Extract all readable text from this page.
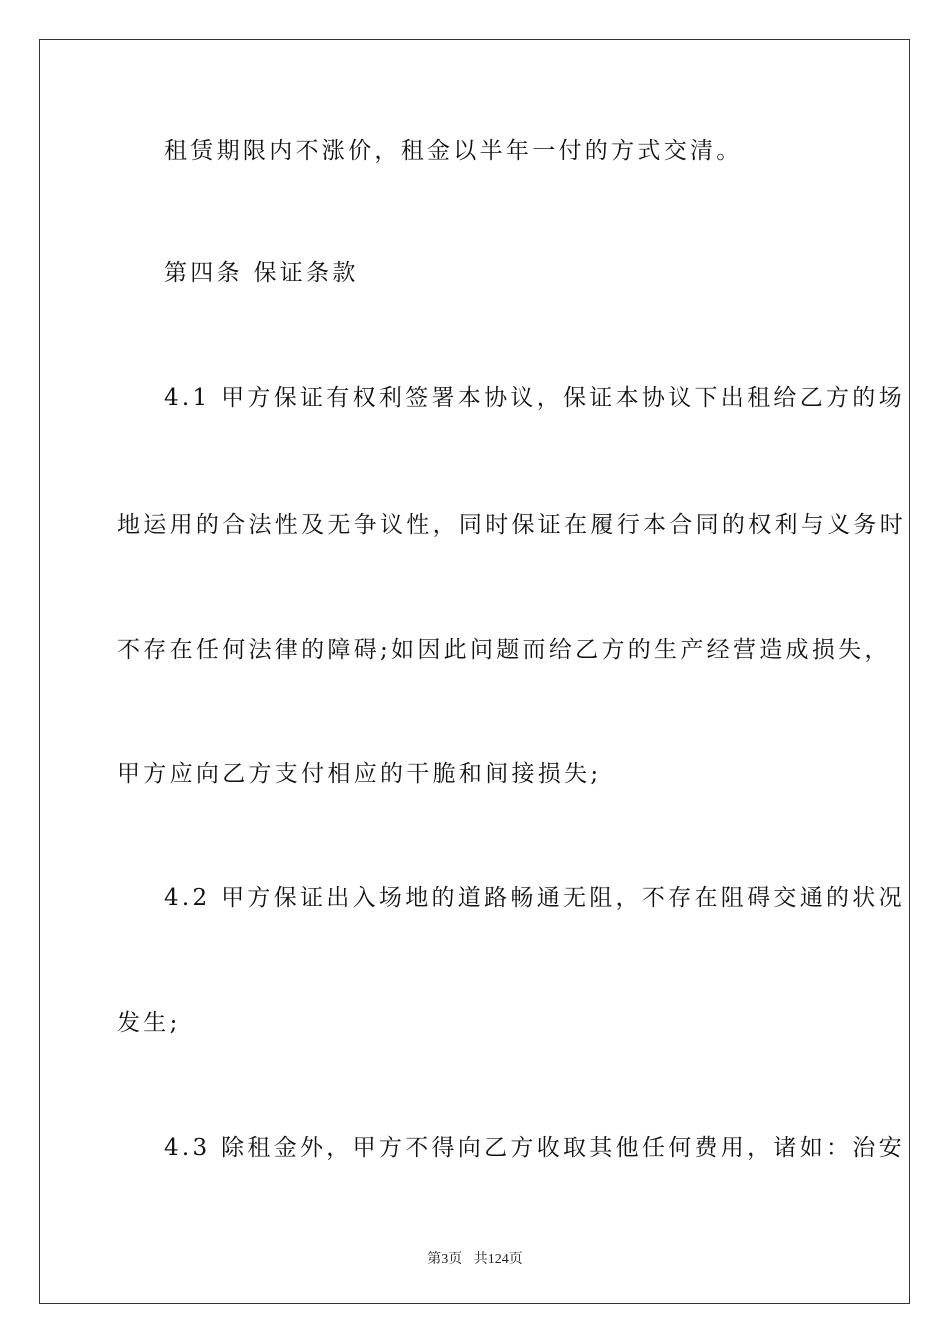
租赁期限内不涨价，租金以半年一付的方式交清。
第四条 保证条款
4.1 甲方保证有权利签署本协议，保证本协议下出租给乙方的场
地运用的合法性及无争议性，同时保证在履行本合同的权利与义务时
不存在任何法律的障碍;如因此问题而给乙方的生产经营造成损失，
甲方应向乙方支付相应的干脆和间接损失;
4.2 甲方保证出入场地的道路畅通无阻，不存在阻碍交通的状况
发生;
4.3 除租金外，甲方不得向乙方收取其他任何费用，诸如：治安
第3页 共124页
